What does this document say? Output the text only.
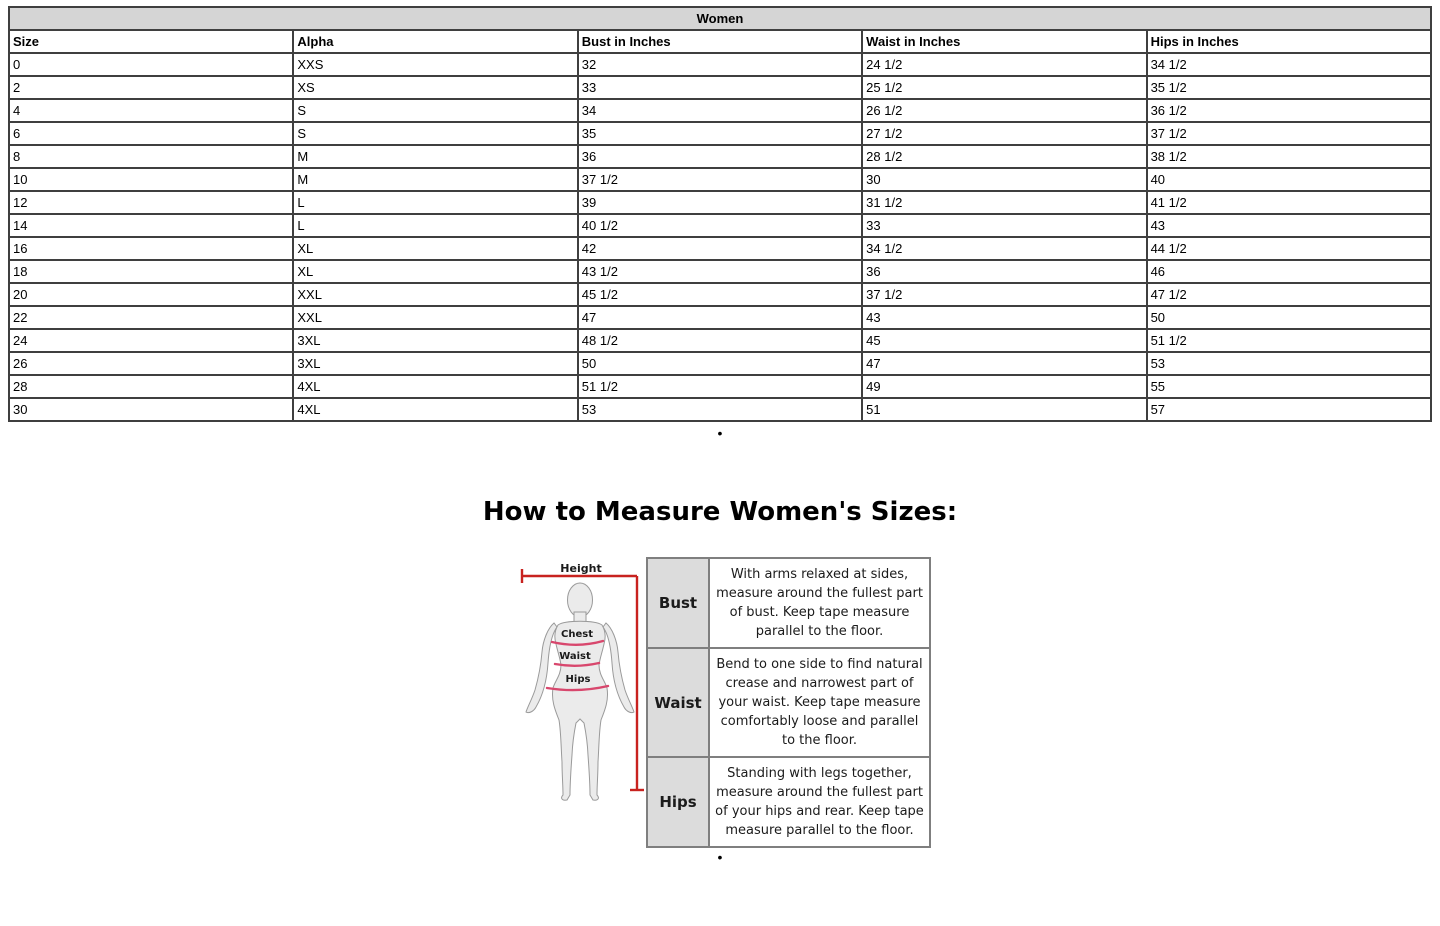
Women				
Size	Alpha	Bust in Inches	Waist in Inches	Hips in Inches
0	XXS	32	24 1/2	34 1/2
2	XS	33	25 1/2	35 1/2
4	S	34	26 1/2	36 1/2
6	S	35	27 1/2	37 1/2
8	M	36	28 1/2	38 1/2
10	M	37 1/2	30	40
12	L	39	31 1/2	41 1/2
14	L	40 1/2	33	43
16	XL	42	34 1/2	44 1/2
18	XL	43 1/2	36	46
20	XXL	45 1/2	37 1/2	47 1/2
22	XXL	47	43	50
24	3XL	48 1/2	45	51 1/2
26	3XL	50	47	53
28	4XL	51 1/2	49	55
30	4XL	53	51	57
•
How to Measure Women's Sizes:
Height
Chest
Waist
Hips
Bust	With arms relaxed at sides, measure around the fullest part of bust. Keep tape measure parallel to the floor.
Waist	Bend to one side to find natural crease and narrowest part of your waist. Keep tape measure comfortably loose and parallel to the floor.
Hips	Standing with legs together, measure around the fullest part of your hips and rear. Keep tape measure parallel to the floor.
•
